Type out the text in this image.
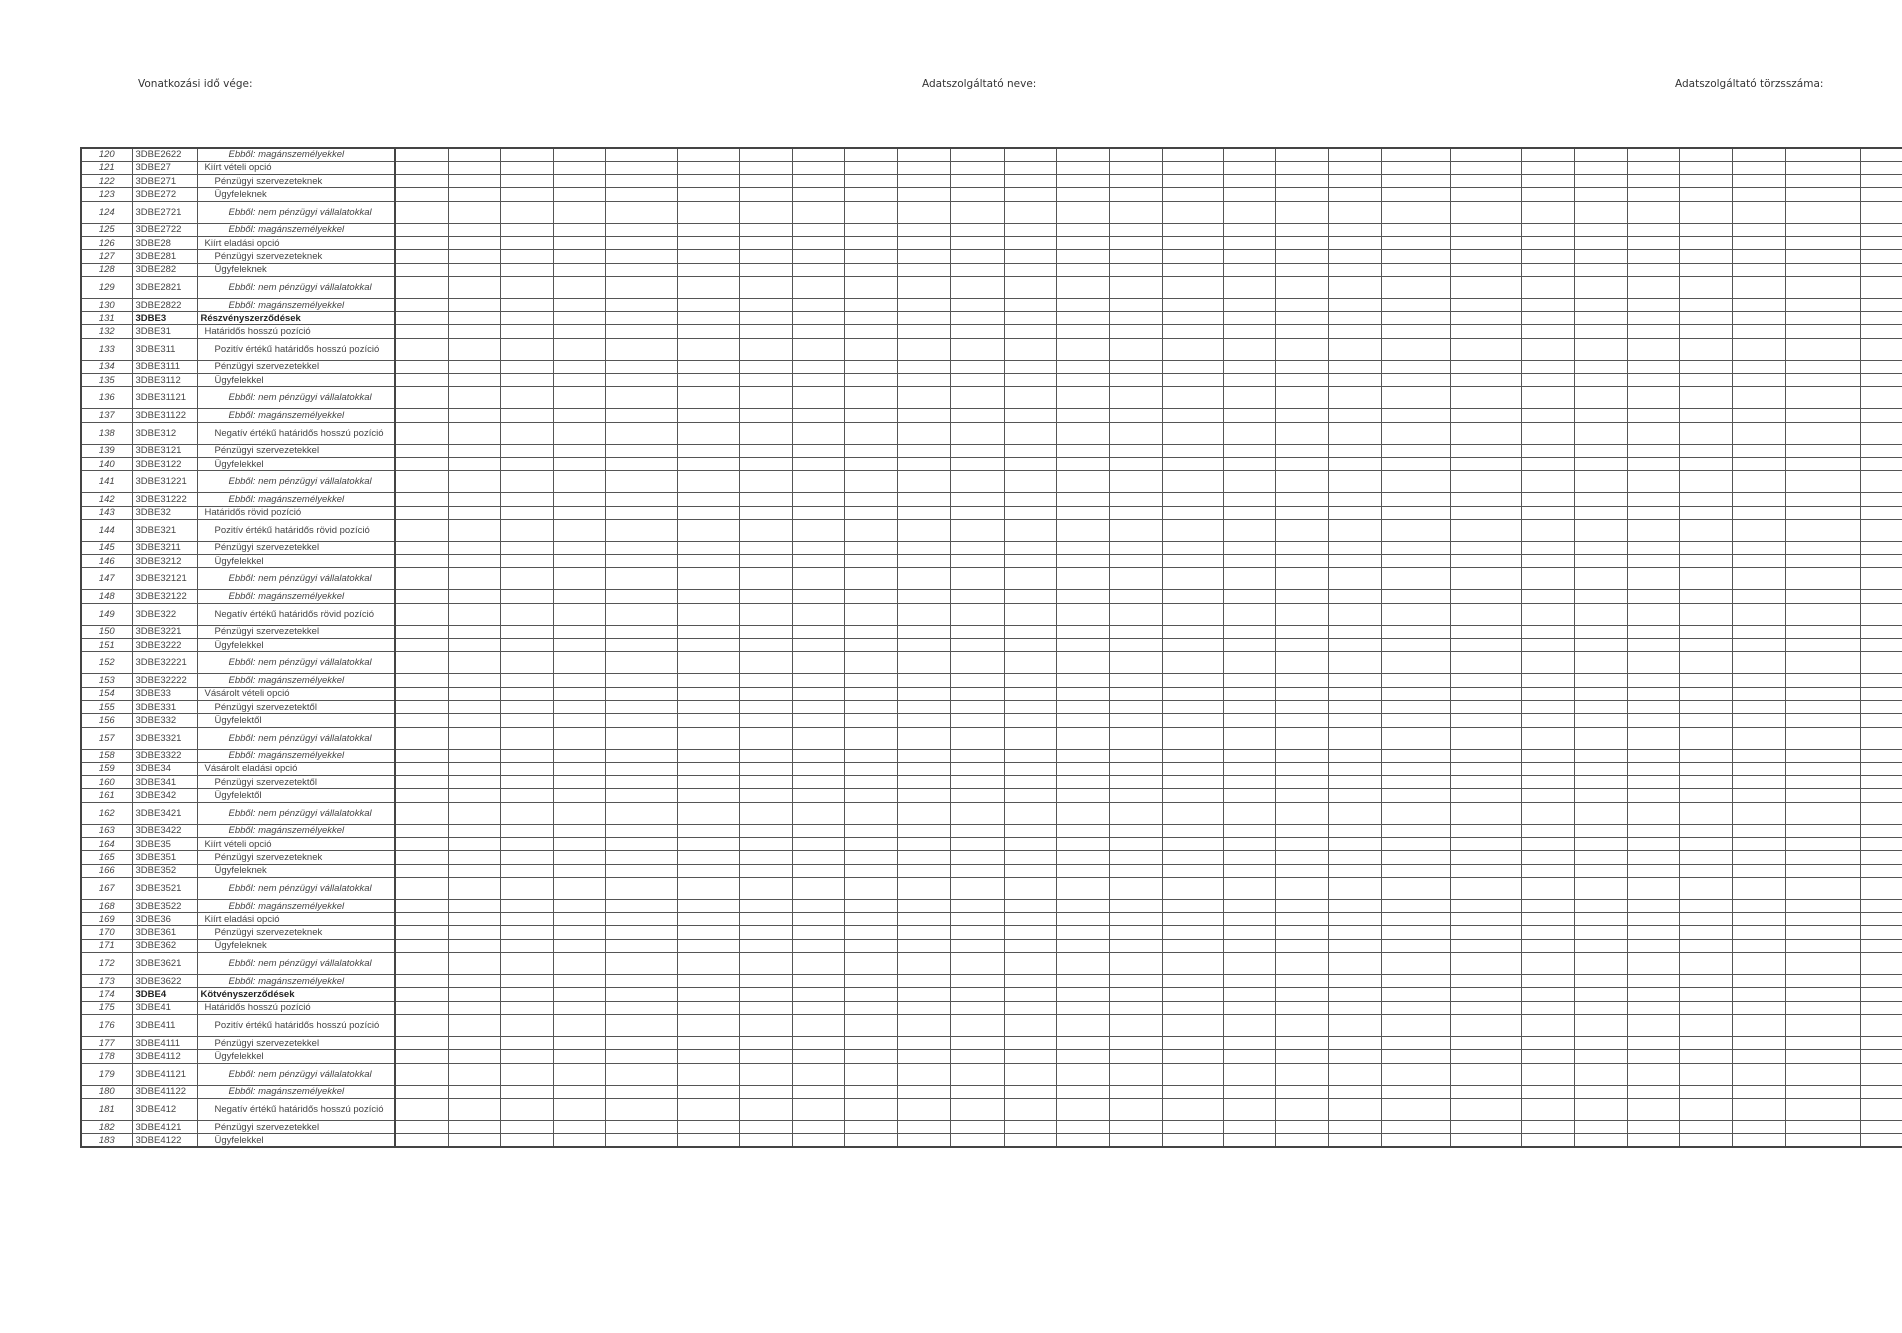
Vonatkozási idő vége:	Adatszolgáltató neve:	Adatszolgáltató törzsszáma:
120	3DBE2622	Ebből: magánszemélyekkel																													

121	3DBE27	Kiírt vételi opció																													

122	3DBE271	Pénzügyi szervezeteknek																													

123	3DBE272	Ügyfeleknek																													

124	3DBE2721	Ebből: nem pénzügyi vállalatokkal																													

125	3DBE2722	Ebből: magánszemélyekkel																													

126	3DBE28	Kiírt eladási opció																													

127	3DBE281	Pénzügyi szervezeteknek																													

128	3DBE282	Ügyfeleknek																													

129	3DBE2821	Ebből: nem pénzügyi vállalatokkal																													

130	3DBE2822	Ebből: magánszemélyekkel																													

131	3DBE3	Részvényszerződések																													

132	3DBE31	Határidős hosszú pozíció																													

133	3DBE311	Pozitív értékű határidős hosszú pozíció																													

134	3DBE3111	Pénzügyi szervezetekkel																													

135	3DBE3112	Ügyfelekkel																													

136	3DBE31121	Ebből: nem pénzügyi vállalatokkal																													

137	3DBE31122	Ebből: magánszemélyekkel																													

138	3DBE312	Negatív értékű határidős hosszú pozíció																													

139	3DBE3121	Pénzügyi szervezetekkel																													

140	3DBE3122	Ügyfelekkel																													

141	3DBE31221	Ebből: nem pénzügyi vállalatokkal																													

142	3DBE31222	Ebből: magánszemélyekkel																													

143	3DBE32	Határidős rövid pozíció																													

144	3DBE321	Pozitív értékű határidős rövid pozíció																													

145	3DBE3211	Pénzügyi szervezetekkel																													

146	3DBE3212	Ügyfelekkel																													

147	3DBE32121	Ebből: nem pénzügyi vállalatokkal																													

148	3DBE32122	Ebből: magánszemélyekkel																													

149	3DBE322	Negatív értékű határidős rövid pozíció																													

150	3DBE3221	Pénzügyi szervezetekkel																													

151	3DBE3222	Ügyfelekkel																													

152	3DBE32221	Ebből: nem pénzügyi vállalatokkal																													

153	3DBE32222	Ebből: magánszemélyekkel																													

154	3DBE33	Vásárolt vételi opció																													

155	3DBE331	Pénzügyi szervezetektől																													

156	3DBE332	Ügyfelektől																													

157	3DBE3321	Ebből: nem pénzügyi vállalatokkal																													

158	3DBE3322	Ebből: magánszemélyekkel																													

159	3DBE34	Vásárolt eladási opció																													

160	3DBE341	Pénzügyi szervezetektől																													

161	3DBE342	Ügyfelektől																													

162	3DBE3421	Ebből: nem pénzügyi vállalatokkal																													

163	3DBE3422	Ebből: magánszemélyekkel																													

164	3DBE35	Kiírt vételi opció																													

165	3DBE351	Pénzügyi szervezeteknek																													

166	3DBE352	Ügyfeleknek																													

167	3DBE3521	Ebből: nem pénzügyi vállalatokkal																													

168	3DBE3522	Ebből: magánszemélyekkel																													

169	3DBE36	Kiírt eladási opció																													

170	3DBE361	Pénzügyi szervezeteknek																													

171	3DBE362	Ügyfeleknek																													

172	3DBE3621	Ebből: nem pénzügyi vállalatokkal																													

173	3DBE3622	Ebből: magánszemélyekkel																													

174	3DBE4	Kötvényszerződések																													

175	3DBE41	Határidős hosszú pozíció																													

176	3DBE411	Pozitív értékű határidős hosszú pozíció																													

177	3DBE4111	Pénzügyi szervezetekkel																													

178	3DBE4112	Ügyfelekkel																													

179	3DBE41121	Ebből: nem pénzügyi vállalatokkal																													

180	3DBE41122	Ebből: magánszemélyekkel																													

181	3DBE412	Negatív értékű határidős hosszú pozíció																													

182	3DBE4121	Pénzügyi szervezetekkel																													

183	3DBE4122	Ügyfelekkel																													
